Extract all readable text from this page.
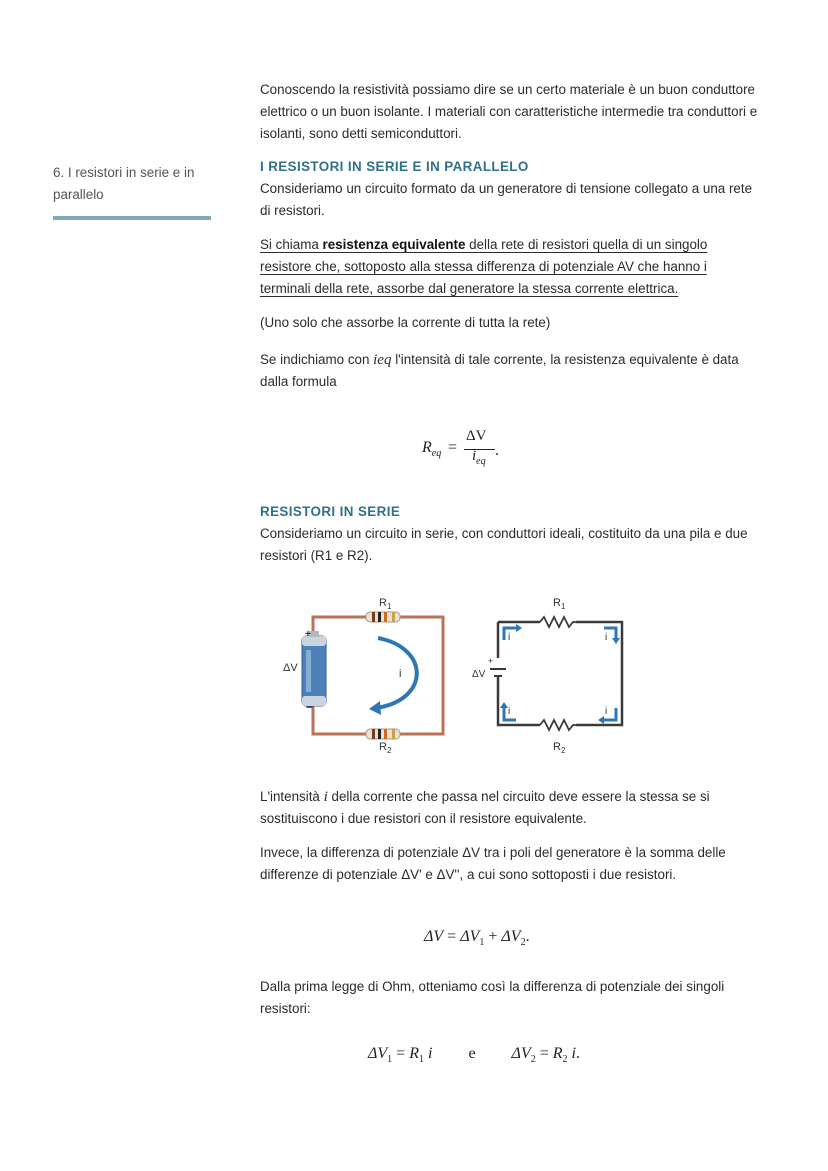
Conoscendo la resistività possiamo dire se un certo materiale è un buon conduttore elettrico o un buon isolante. I materiali con caratteristiche intermedie tra conduttori e isolanti, sono detti semiconduttori.

6. I resistori in serie e in parallelo
I RESISTORI IN SERIE E IN PARALLELO

Consideriamo un circuito formato da un generatore di tensione collegato a una rete di resistori.

Si chiama resistenza equivalente della rete di resistori quella di un singolo resistore che, sottoposto alla stessa differenza di potenziale AV che hanno i terminali della rete, assorbe dal generatore la stessa corrente elettrica.

(Uno solo che assorbe la corrente di tutta la rete)

Se indichiamo con ieq l'intensità di tale corrente, la resistenza equivalente è data dalla formula

$R_{eq}$ =
ΔV
$i_{eq}$
.
RESISTORI IN SERIE

Consideriamo un circuito in serie, con conduttori ideali, costituito da una pila e due resistori (R1 e R2).

$R_1$
$R_2$
+
−
ΔV	i
$R_1$
$R_2$
+
ΔV
i	i
i	i

L'intensità i della corrente che passa nel circuito deve essere la stessa se si sostituiscono i due resistori con il resistore equivalente.

Invece, la differenza di potenziale ΔV tra i poli del generatore è la somma delle differenze di potenziale ΔV' e ΔV'', a cui sono sottoposti i due resistori.

$\Delta V = \Delta V_1 + \Delta V_2$.

Dalla prima legge di Ohm, otteniamo così la differenza di potenziale dei singoli resistori:

$\Delta V_1 = R_1$ i e $\Delta V_2 = R_2$ i.
